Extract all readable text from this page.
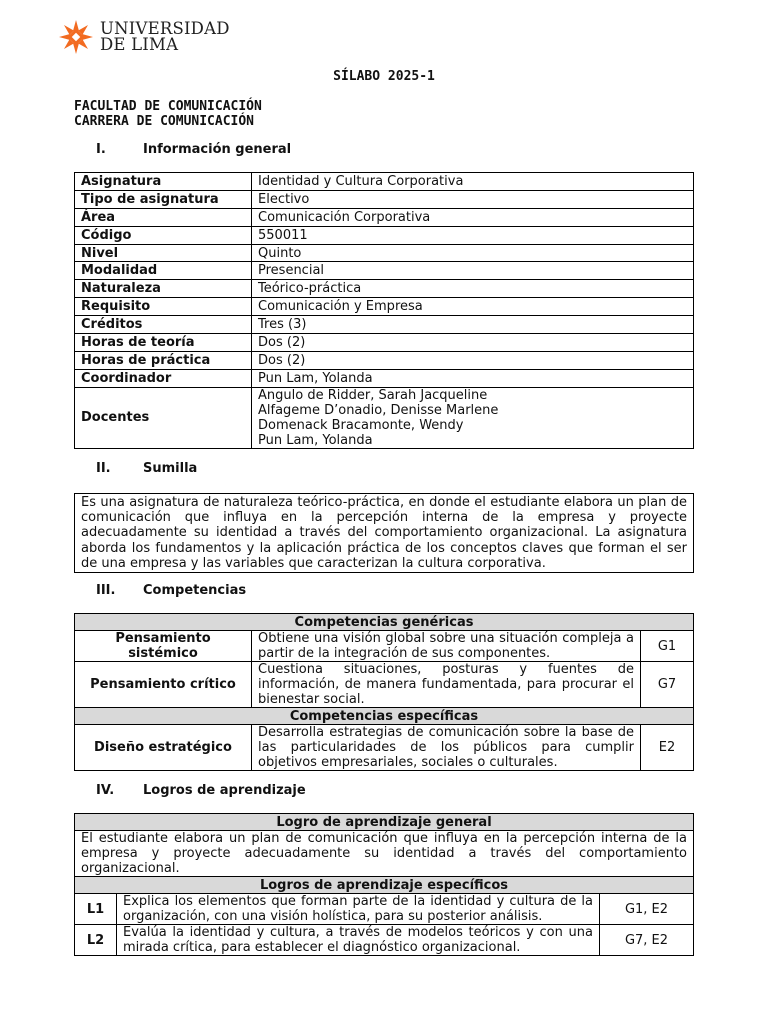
UNIVERSIDAD
DE LIMA
SÍLABO 2025-1
FACULTAD DE COMUNICACIÓN
CARRERA DE COMUNICACIÓN
I.	Información general
Asignatura	Identidad y Cultura Corporativa
Tipo de asignatura	Electivo
Área	Comunicación Corporativa
Código	550011
Nivel	Quinto
Modalidad	Presencial
Naturaleza	Teórico-práctica
Requisito	Comunicación y Empresa
Créditos	Tres (3)
Horas de teoría	Dos (2)
Horas de práctica	Dos (2)
Coordinador	Pun Lam, Yolanda
Docentes	Angulo de Ridder, Sarah Jacqueline
Alfageme D’onadio, Denisse Marlene
Domenack Bracamonte, Wendy
Pun Lam, Yolanda
II. Sumilla
Es una asignatura de naturaleza teórico-práctica, en donde el estudiante elabora un plan de comunicación que influya en la percepción interna de la empresa y proyecte adecuadamente su identidad a través del comportamiento organizacional. La asignatura aborda los fundamentos y la aplicación práctica de los conceptos claves que forman el ser de una empresa y las variables que caracterizan la cultura corporativa.
III. Competencias
Competencias genéricas		
Pensamiento sistémico	Obtiene una visión global sobre una situación compleja a partir de la integración de sus componentes.	G1
Pensamiento crítico	Cuestiona situaciones, posturas y fuentes de información, de manera fundamentada, para procurar el bienestar social.	G7
Competencias específicas		
Diseño estratégico	Desarrolla estrategias de comunicación sobre la base de las particularidades de los públicos para cumplir objetivos empresariales, sociales o culturales.	E2
IV. Logros de aprendizaje
Logro de aprendizaje general		
El estudiante elabora un plan de comunicación que influya en la percepción interna de la empresa y proyecte adecuadamente su identidad a través del comportamiento organizacional.		
Logros de aprendizaje específicos		
L1	Explica los elementos que forman parte de la identidad y cultura de la organización, con una visión holística, para su posterior análisis.	G1, E2
L2	Evalúa la identidad y cultura, a través de modelos teóricos y con una mirada crítica, para establecer el diagnóstico organizacional.	G7, E2
